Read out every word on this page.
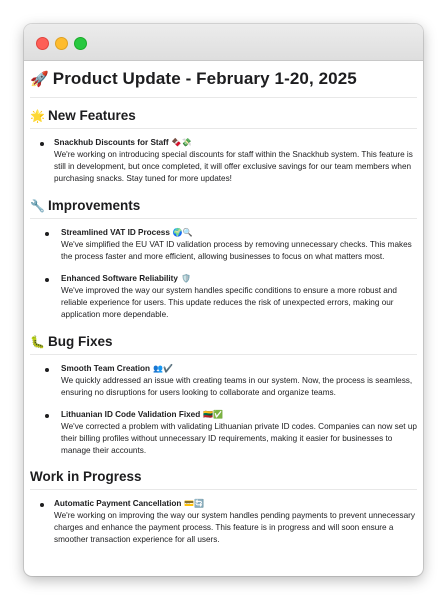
🚀 Product Update - February 1-20, 2025
🌟 New Features
Snackhub Discounts for Staff 🍫💸
We're working on introducing special discounts for staff within the Snackhub system. This feature is still in development, but once completed, it will offer exclusive savings for our team members when purchasing snacks. Stay tuned for more updates!
🔧 Improvements
Streamlined VAT ID Process 🌍🔍
We've simplified the EU VAT ID validation process by removing unnecessary checks. This makes the process faster and more efficient, allowing businesses to focus on what matters most.
Enhanced Software Reliability 🛡️
We've improved the way our system handles specific conditions to ensure a more robust and reliable experience for users. This update reduces the risk of unexpected errors, making our application more dependable.
🐛 Bug Fixes
Smooth Team Creation 👥✔️
We quickly addressed an issue with creating teams in our system. Now, the process is seamless, ensuring no disruptions for users looking to collaborate and organize teams.
Lithuanian ID Code Validation Fixed 🇱🇹✅
We've corrected a problem with validating Lithuanian private ID codes. Companies can now set up their billing profiles without unnecessary ID requirements, making it easier for businesses to manage their accounts.
Work in Progress
Automatic Payment Cancellation 💳🔄
We're working on improving the way our system handles pending payments to prevent unnecessary charges and enhance the payment process. This feature is in progress and will soon ensure a smoother transaction experience for all users.
